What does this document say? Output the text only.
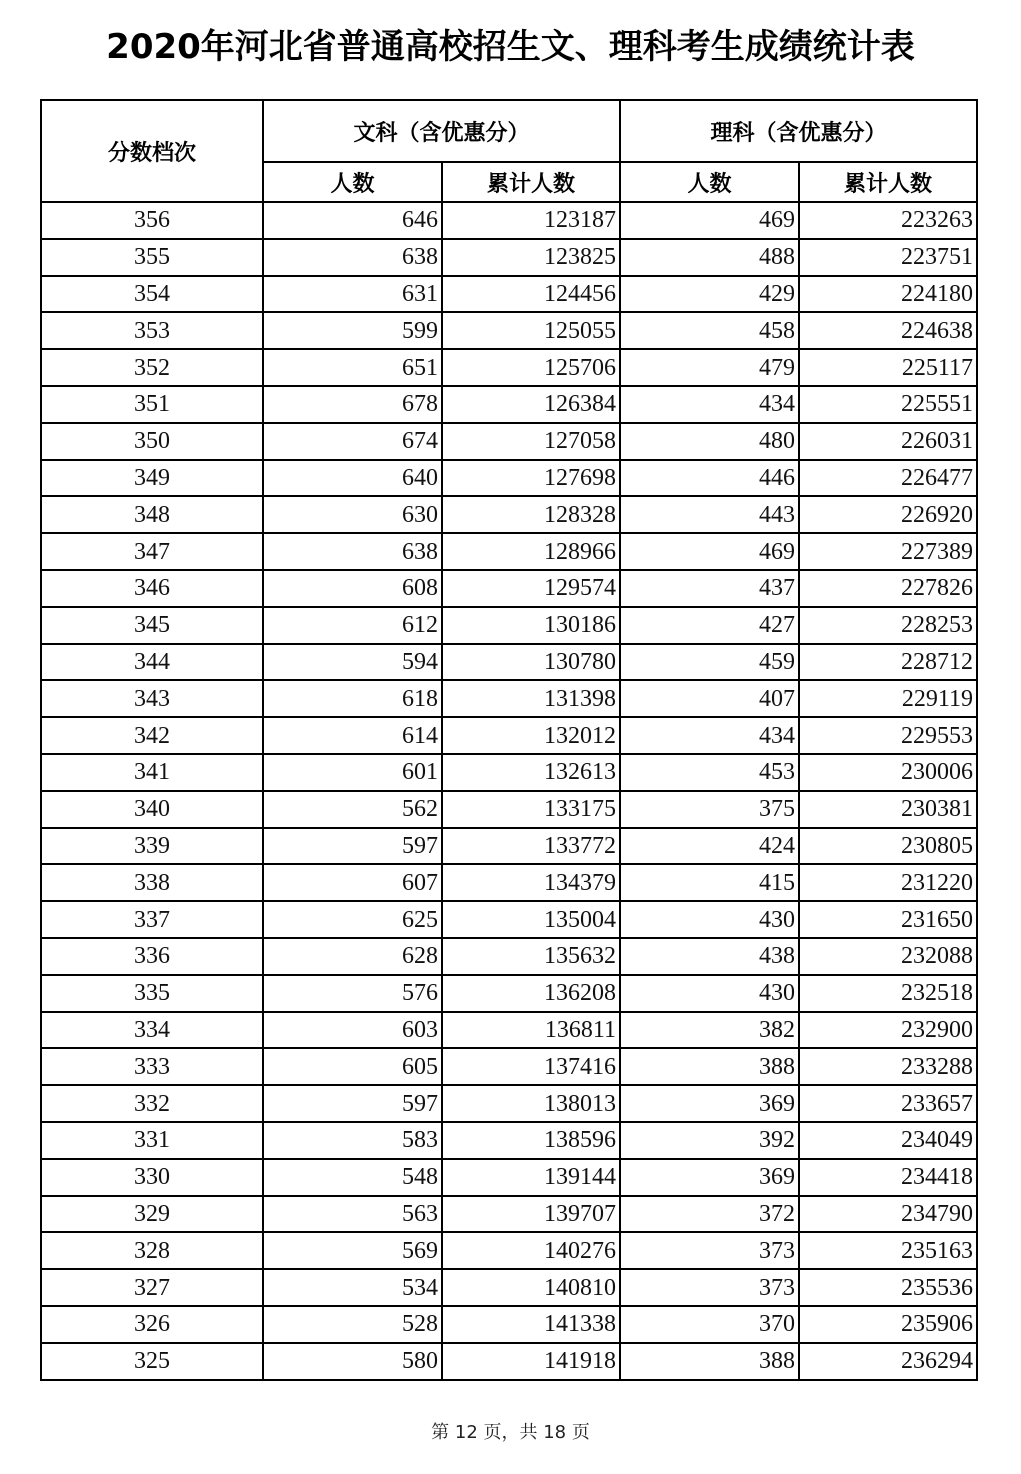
2020年河北省普通高校招生文、理科考生成绩统计表
分数档次	文科（含优惠分）		理科（含优惠分）	
	人数	累计人数	人数	累计人数
356	646	123187	469	223263
355	638	123825	488	223751
354	631	124456	429	224180
353	599	125055	458	224638
352	651	125706	479	225117
351	678	126384	434	225551
350	674	127058	480	226031
349	640	127698	446	226477
348	630	128328	443	226920
347	638	128966	469	227389
346	608	129574	437	227826
345	612	130186	427	228253
344	594	130780	459	228712
343	618	131398	407	229119
342	614	132012	434	229553
341	601	132613	453	230006
340	562	133175	375	230381
339	597	133772	424	230805
338	607	134379	415	231220
337	625	135004	430	231650
336	628	135632	438	232088
335	576	136208	430	232518
334	603	136811	382	232900
333	605	137416	388	233288
332	597	138013	369	233657
331	583	138596	392	234049
330	548	139144	369	234418
329	563	139707	372	234790
328	569	140276	373	235163
327	534	140810	373	235536
326	528	141338	370	235906
325	580	141918	388	236294
第 12 页，共 18 页
